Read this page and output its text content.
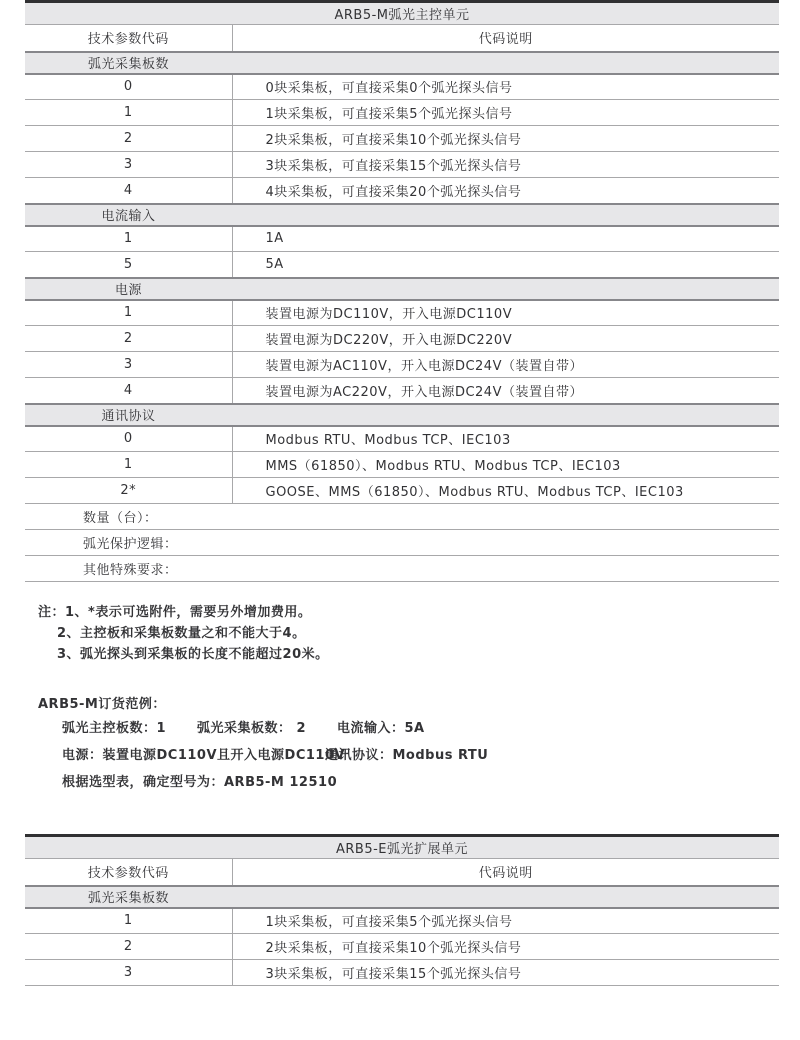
ARB5-M弧光主控单元	
技术参数代码	代码说明
弧光采集板数	
0	0块采集板，可直接采集0个弧光探头信号
1	1块采集板，可直接采集5个弧光探头信号
2	2块采集板，可直接采集10个弧光探头信号
3	3块采集板，可直接采集15个弧光探头信号
4	4块采集板，可直接采集20个弧光探头信号
电流输入	
1	1A
5	5A
电源	
1	装置电源为DC110V，开入电源DC110V
2	装置电源为DC220V，开入电源DC220V
3	装置电源为AC110V，开入电源DC24V（装置自带）
4	装置电源为AC220V，开入电源DC24V（装置自带）
通讯协议	
0	Modbus RTU、Modbus TCP、IEC103
1	MMS（61850）、Modbus RTU、Modbus TCP、IEC103
2*	GOOSE、MMS（61850）、Modbus RTU、Modbus TCP、IEC103
数量（台）：	
弧光保护逻辑：	
其他特殊要求：	
注：1、*表示可选附件，需要另外增加费用。
2、主控板和采集板数量之和不能大于4。
3、弧光探头到采集板的长度不能超过20米。
ARB5-M订货范例：
弧光主控板数：1 弧光采集板数： 2 电流输入：5A
电源：装置电源DC110V且开入电源DC110V
通讯协议：Modbus RTU
根据选型表，确定型号为：ARB5-M 12510
ARB5-E弧光扩展单元	
技术参数代码	代码说明
弧光采集板数	
1	1块采集板，可直接采集5个弧光探头信号
2	2块采集板，可直接采集10个弧光探头信号
3	3块采集板，可直接采集15个弧光探头信号
